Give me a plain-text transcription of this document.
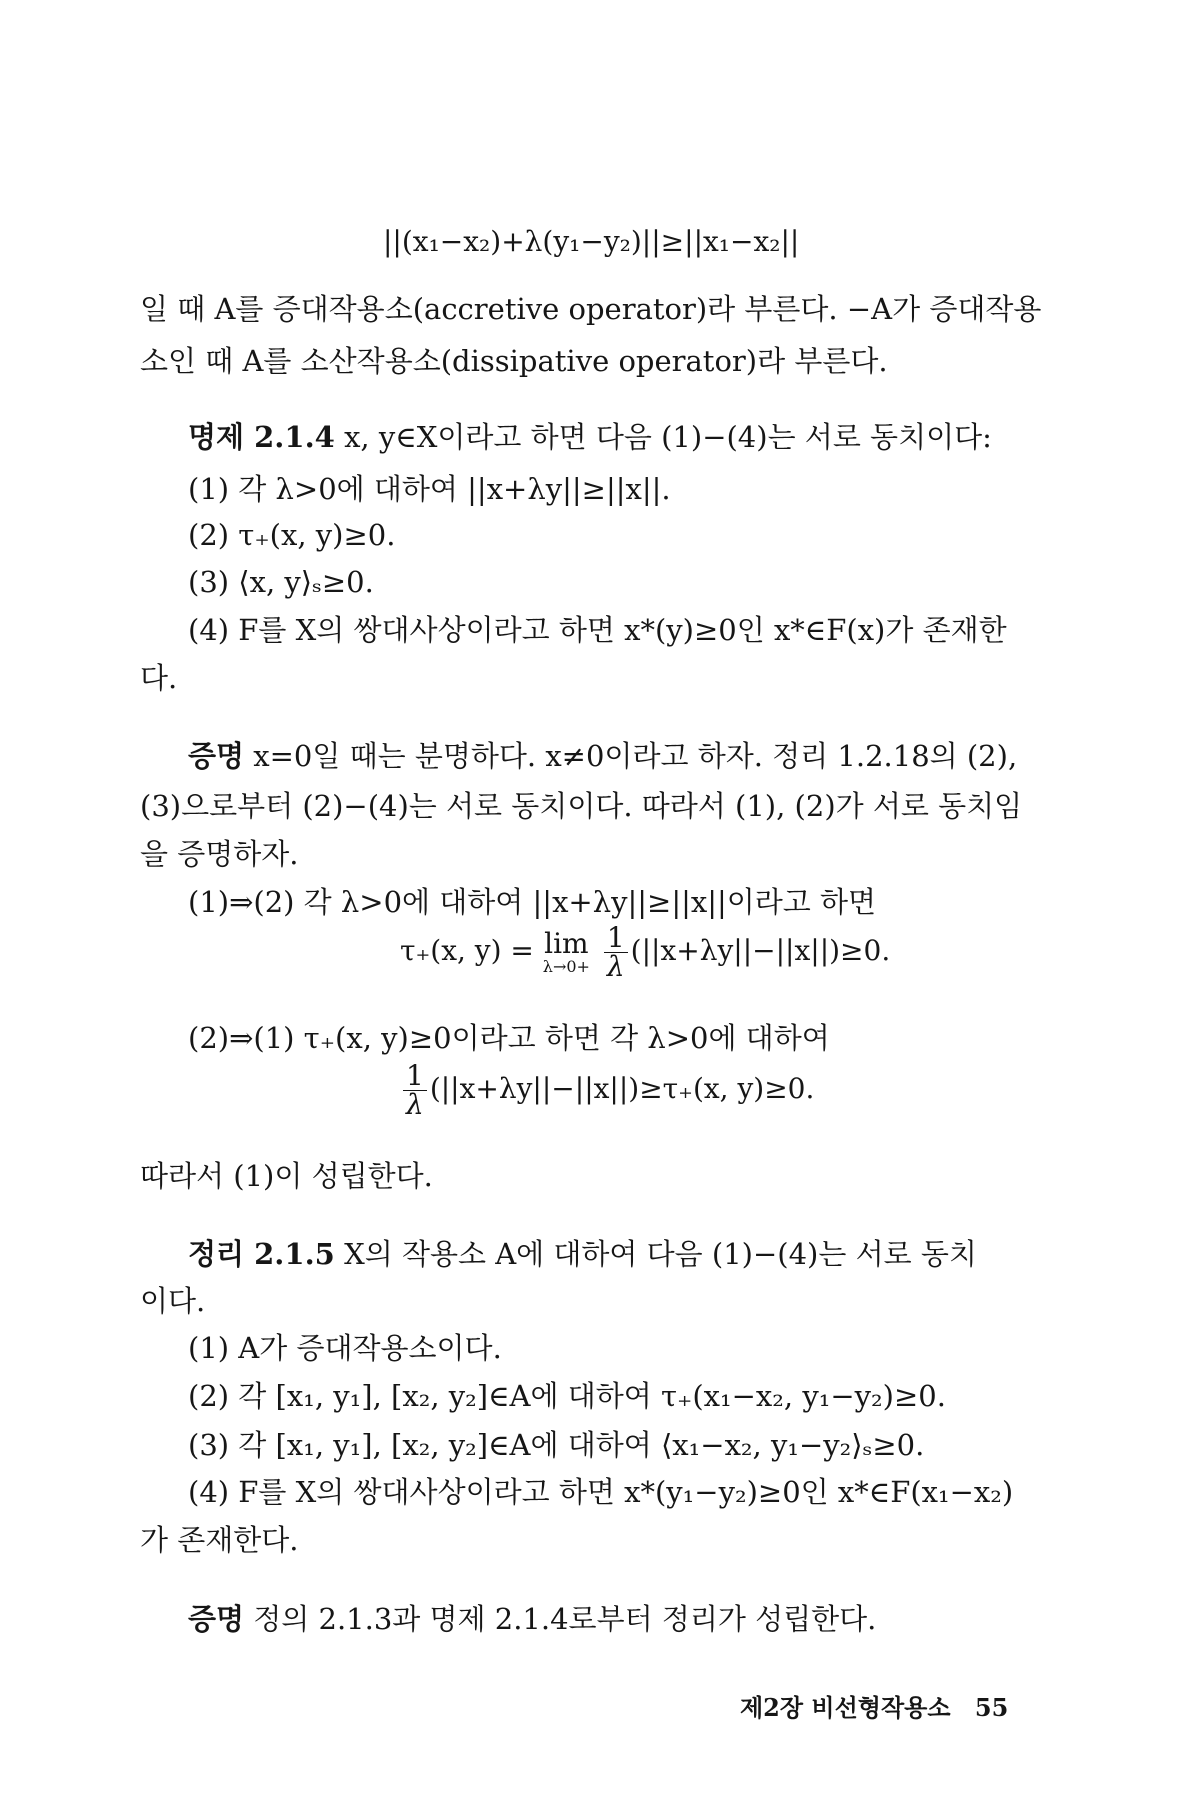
||(x₁−x₂)+λ(y₁−y₂)||≥||x₁−x₂||
일 때 A를 증대작용소(accretive operator)라 부른다. −A가 증대작용
소인 때 A를 소산작용소(dissipative operator)라 부른다.
명제 2.1.4 x, y∈X이라고 하면 다음 (1)−(4)는 서로 동치이다:
(1) 각 λ>0에 대하여 ||x+λy||≥||x||.
(2) τ₊(x, y)≥0.
(3) ⟨x, y⟩ₛ≥0.
(4) F를 X의 쌍대사상이라고 하면 x*(y)≥0인 x*∈F(x)가 존재한
다.
증명 x=0일 때는 분명하다. x≠0이라고 하자. 정리 1.2.18의 (2),
(3)으로부터 (2)−(4)는 서로 동치이다. 따라서 (1), (2)가 서로 동치임
을 증명하자.
(1)⇒(2) 각 λ>0에 대하여 ||x+λy||≥||x||이라고 하면
τ₊(x, y) = lim
λ→0+
$\frac{1}{\lambda} (||x+\lambda y||-||x||)\ge 0$.
(2)⇒(1) τ₊(x, y)≥0이라고 하면 각 λ>0에 대하여
$\frac{1}{\lambda} (||x+\lambda y||-||x||)\ge\tau_+(x$, y)≥0.
따라서 (1)이 성립한다.
정리 2.1.5 X의 작용소 A에 대하여 다음 (1)−(4)는 서로 동치
이다.
(1) A가 증대작용소이다.
(2) 각 [x₁, y₁], [x₂, y₂]∈A에 대하여 τ₊(x₁−x₂, y₁−y₂)≥0.
(3) 각 [x₁, y₁], [x₂, y₂]∈A에 대하여 ⟨x₁−x₂, y₁−y₂⟩ₛ≥0.
(4) F를 X의 쌍대사상이라고 하면 x*(y₁−y₂)≥0인 x*∈F(x₁−x₂)
가 존재한다.
증명 정의 2.1.3과 명제 2.1.4로부터 정리가 성립한다.
제2장 비선형작용소 55
